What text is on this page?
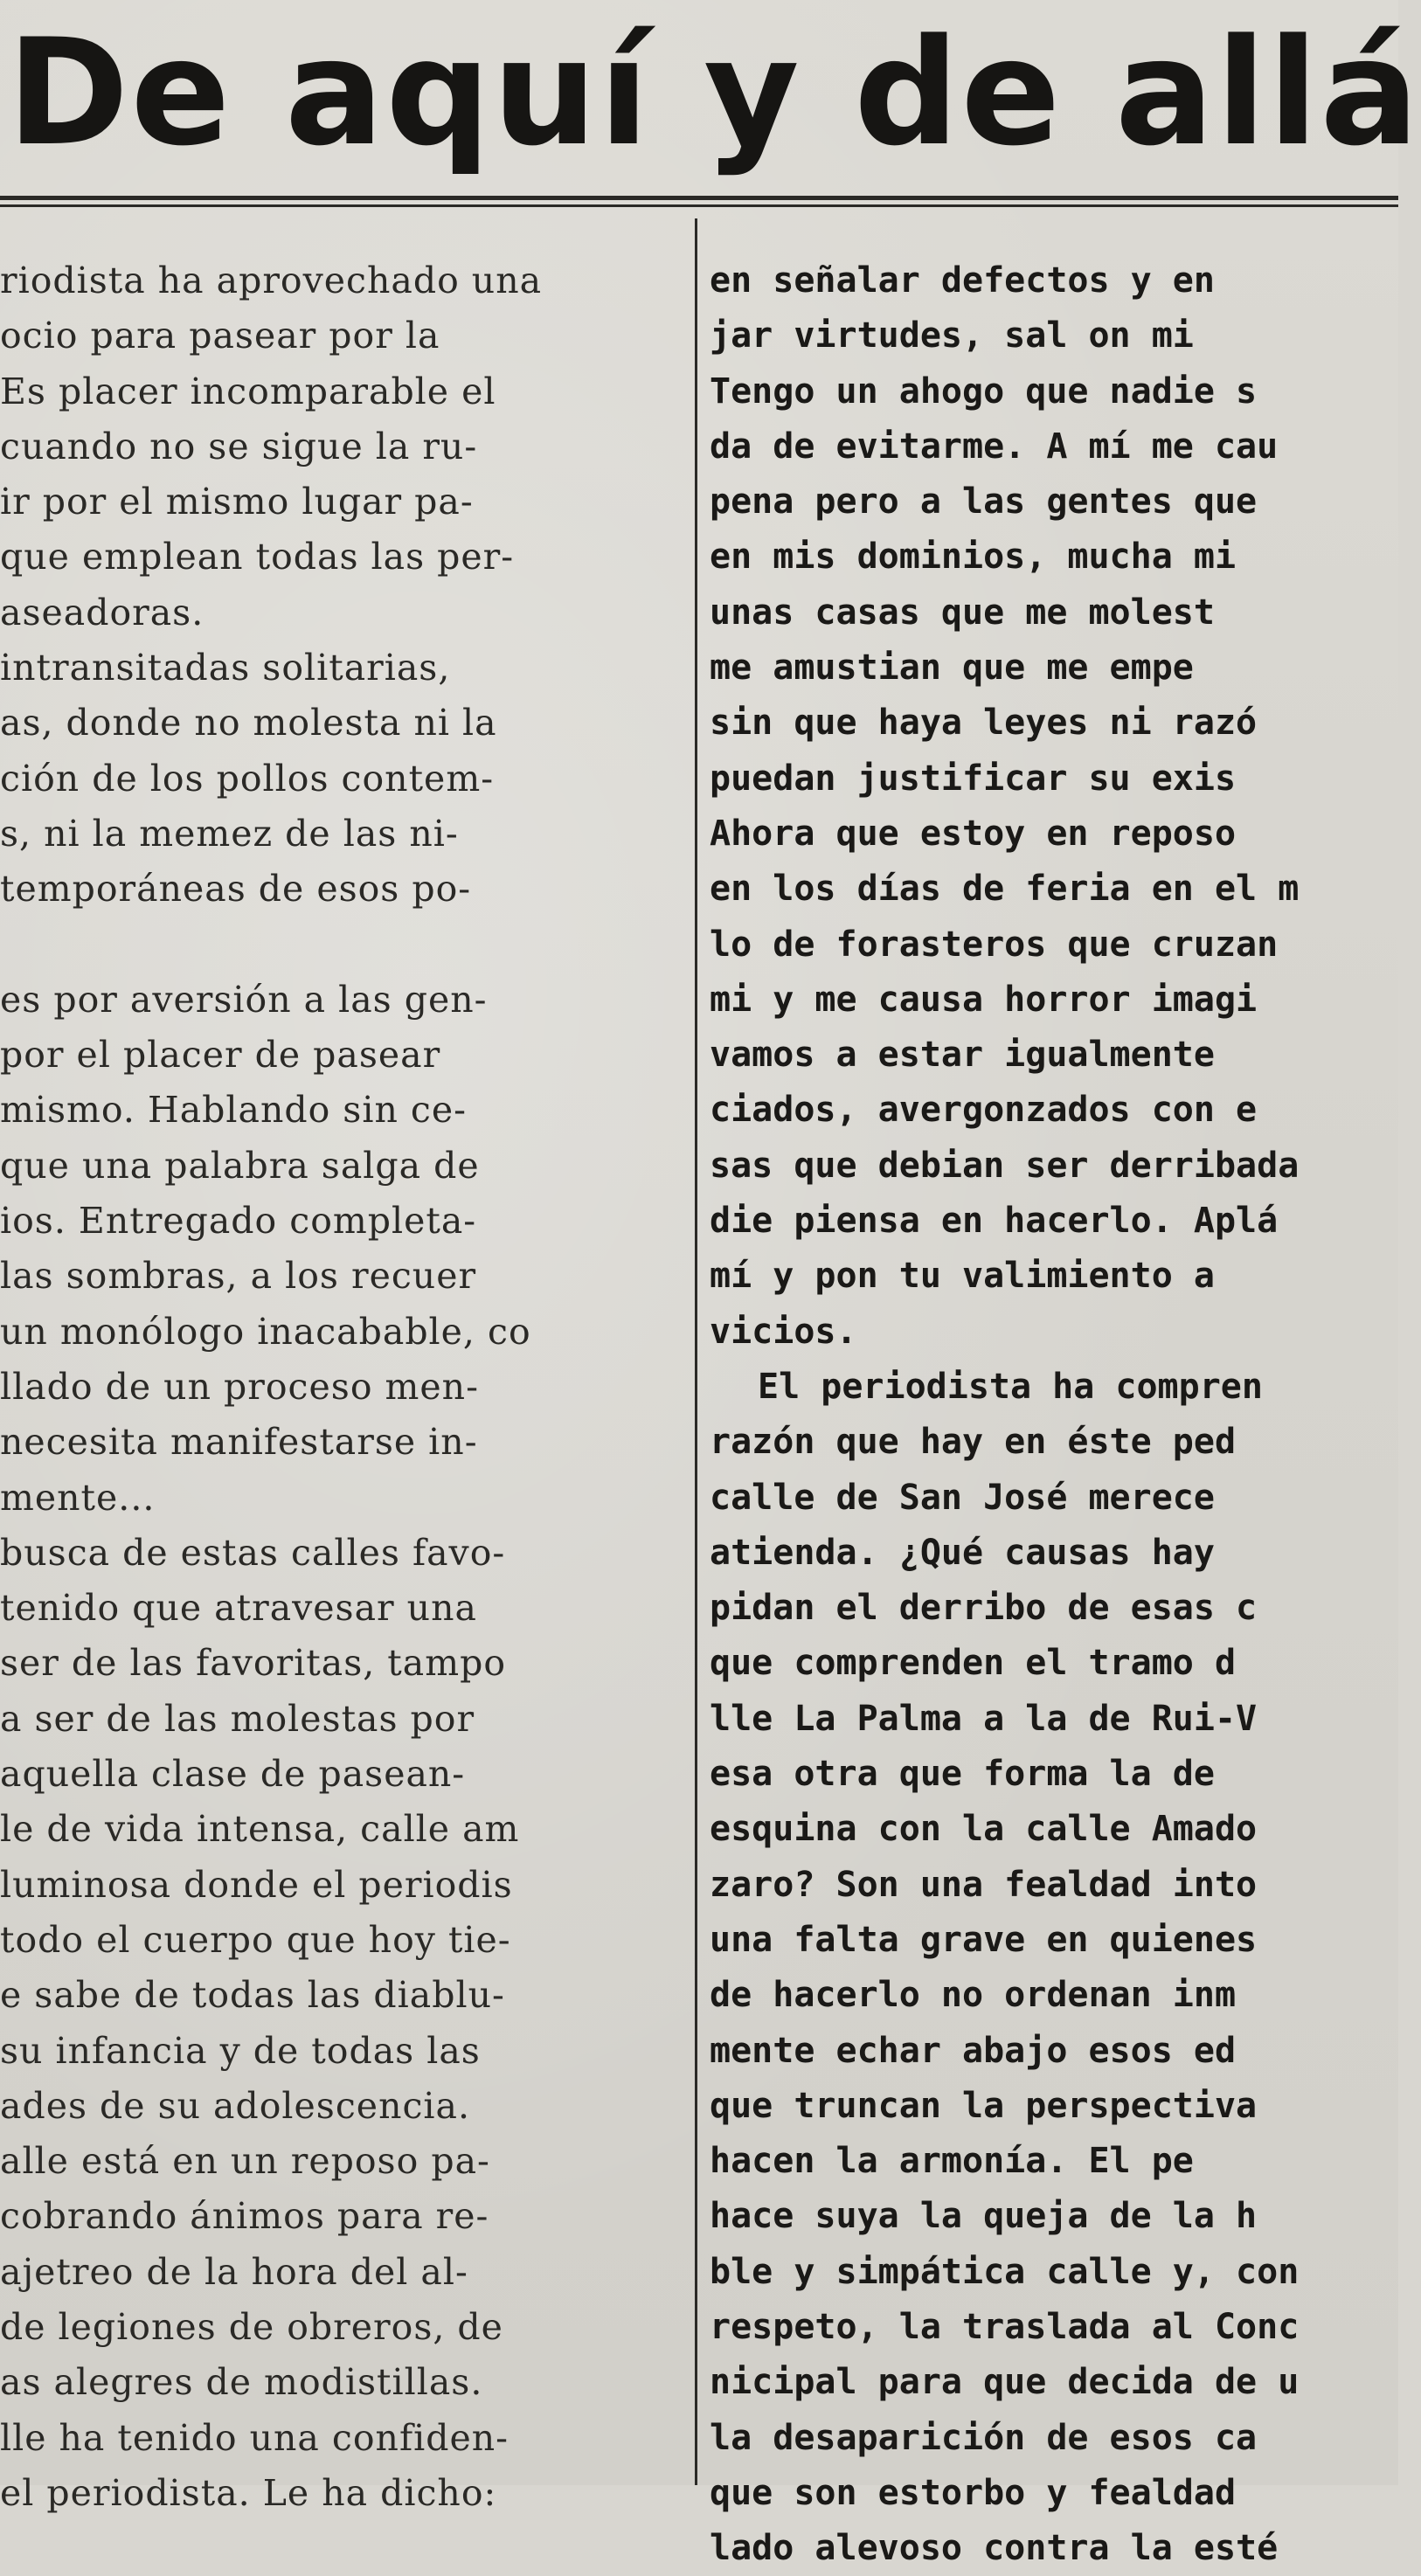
De aquí y de allá
riodista ha aprovechado una
ocio para pasear por la
Es placer incomparable el
cuando no se sigue la ru-
ir por el mismo lugar pa-
que emplean todas las per-
aseadoras.
intransitadas solitarias,
as, donde no molesta ni la
ción de los pollos contem-
s, ni la memez de las ni-
temporáneas de esos po-
es por aversión a las gen-
por el placer de pasear
mismo. Hablando sin ce-
que una palabra salga de
ios. Entregado completa-
las sombras, a los recuer
un monólogo inacabable, co
llado de un proceso men-
necesita manifestarse in-
mente...
busca de estas calles favo-
tenido que atravesar una
ser de las favoritas, tampo
a ser de las molestas por
aquella clase de pasean-
le de vida intensa, calle am
luminosa donde el periodis
todo el cuerpo que hoy tie-
e sabe de todas las diablu-
su infancia y de todas las
ades de su adolescencia.
alle está en un reposo pa-
cobrando ánimos para re-
ajetreo de la hora del al-
de legiones de obreros, de
as alegres de modistillas.
lle ha tenido una confiden-
el periodista. Le ha dicho:
en señalar defectos y en
jar virtudes, sal on mi
Tengo un ahogo que nadie s
da de evitarme. A mí me cau
pena pero a las gentes que
en mis dominios, mucha mi
unas casas que me molest
me amustian que me empe
sin que haya leyes ni razó
puedan justificar su exis
Ahora que estoy en reposo
en los días de feria en el m
lo de forasteros que cruzan
mi y me causa horror imagi
vamos a estar igualmente
ciados, avergonzados con e
sas que debian ser derribada
die piensa en hacerlo. Aplá
mí y pon tu valimiento a
vicios.
El periodista ha compren
razón que hay en éste ped
calle de San José merece
atienda. ¿Qué causas hay
pidan el derribo de esas c
que comprenden el tramo d
lle La Palma a la de Rui-V
esa otra que forma la de
esquina con la calle Amado
zaro? Son una fealdad into
una falta grave en quienes
de hacerlo no ordenan inm
mente echar abajo esos ed
que truncan la perspectiva
hacen la armonía. El pe
hace suya la queja de la h
ble y simpática calle y, con
respeto, la traslada al Conc
nicipal para que decida de u
la desaparición de esos ca
que son estorbo y fealdad
lado alevoso contra la esté
